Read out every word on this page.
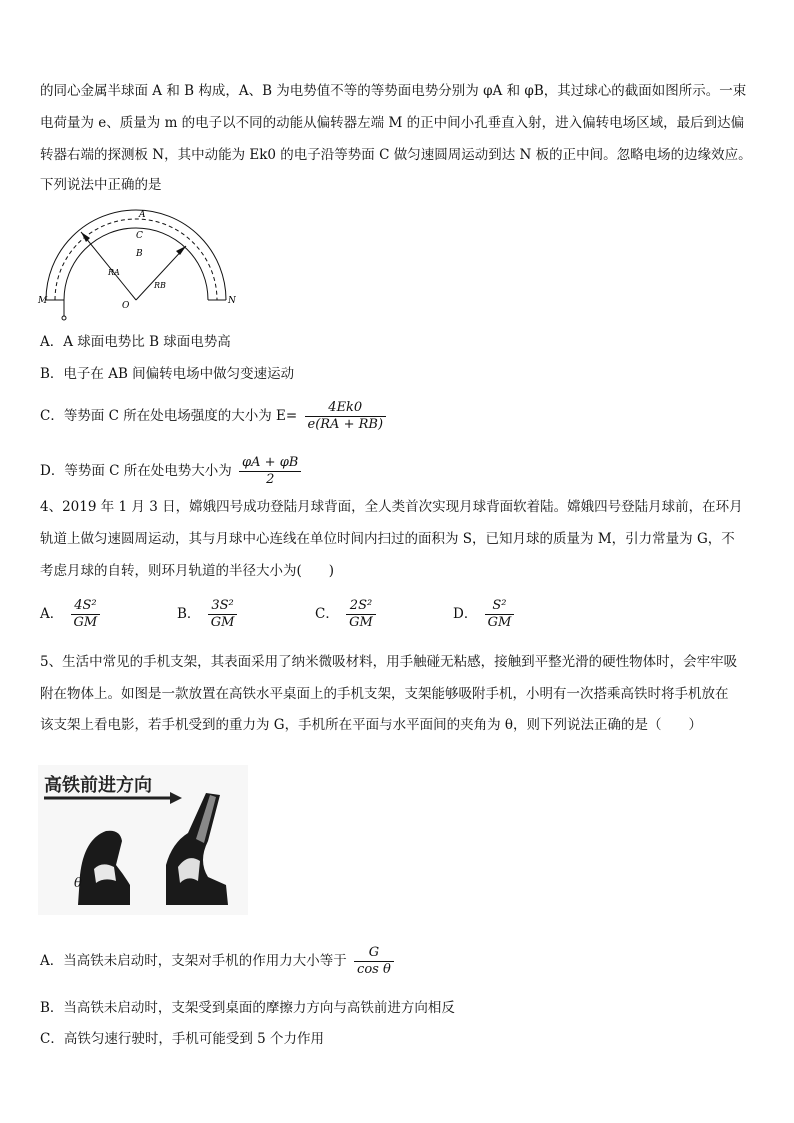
的同心金属半球面 A 和 B 构成，A、B 为电势值不等的等势面电势分别为 φA 和 φB，其过球心的截面如图所示。一束
电荷量为 e、质量为 m 的电子以不同的动能从偏转器左端 M 的正中间小孔垂直入射，进入偏转电场区域，最后到达偏
转器右端的探测板 N，其中动能为 Ek0 的电子沿等势面 C 做匀速圆周运动到达 N 板的正中间。忽略电场的边缘效应。
下列说法中正确的是
A
C
B
RA
RB
O
M	N
A．A 球面电势比 B 球面电势高
B．电子在 AB 间偏转电场中做匀变速运动
C．等势面 C 所在处电场强度的大小为 $E= \frac{4Ek0}{e(RA + RB)}$
D．等势面 C 所在处电势大小为 $\frac{\varphi A + \varphi B}{2}$
4、2019 年 1 月 3 日，嫦娥四号成功登陆月球背面，全人类首次实现月球背面软着陆。嫦娥四号登陆月球前，在环月
轨道上做匀速圆周运动，其与月球中心连线在单位时间内扫过的面积为 S，已知月球的质量为 M，引力常量为 G，不
考虑月球的自转，则环月轨道的半径大小为(　　)
A． $\frac{\text{4S²}}{GM}$	B． $\frac{\text{3S²}}{GM}$	C． $\frac{\text{2S²}}{GM}$	D． $\frac{\text{S²}}{GM}$
5、生活中常见的手机支架，其表面采用了纳米微吸材料，用手触碰无粘感，接触到平整光滑的硬性物体时，会牢牢吸
附在物体上。如图是一款放置在高铁水平桌面上的手机支架，支架能够吸附手机，小明有一次搭乘高铁时将手机放在
该支架上看电影，若手机受到的重力为 G，手机所在平面与水平面间的夹角为 θ，则下列说法正确的是（　　）
高铁前进方向
θ
A．当高铁未启动时，支架对手机的作用力大小等于 $\frac{G}{\text{cos θ}}$
B．当高铁未启动时，支架受到桌面的摩擦力方向与高铁前进方向相反
C．高铁匀速行驶时，手机可能受到 5 个力作用
